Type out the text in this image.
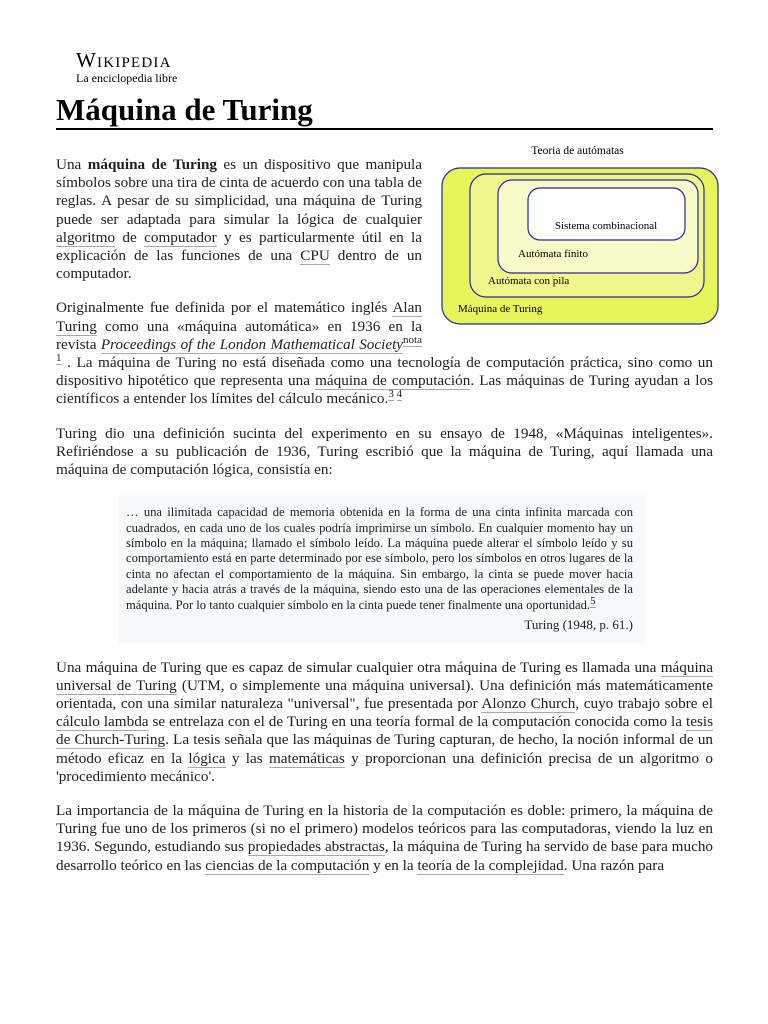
Wikipedia
La enciclopedia libre
Máquina de Turing
Teoria de autómatas
Sistema combinacional
Autómata finito
Autómata con pila
Máquina de Turing

Una máquina de Turing es un dispositivo que manipula símbolos sobre una tira de cinta de acuerdo con una tabla de reglas. A pesar de su simplicidad, una máquina de Turing puede ser adaptada para simular la lógica de cualquier algoritmo de computador y es particularmente útil en la explicación de las funciones de una CPU dentro de un computador.

Originalmente fue definida por el matemático inglés Alan Turing como una «máquina automática» en 1936 en la revista Proceedings of the London Mathematical Society$^{nota 1}$ . La máquina de Turing no está diseñada como una tecnología de computación práctica, sino como un dispositivo hipotético que representa una máquina de computación. Las máquinas de Turing ayudan a los científicos a entender los límites del cálculo mecánico.$^{3 4}$

Turing dio una definición sucinta del experimento en su ensayo de 1948, «Máquinas inteligentes». Refiriéndose a su publicación de 1936, Turing escribió que la máquina de Turing, aquí llamada una máquina de computación lógica, consistía en:

… una ilimitada capacidad de memoria obtenida en la forma de una cinta infinita marcada con cuadrados, en cada uno de los cuales podría imprimirse un símbolo. En cualquier momento hay un símbolo en la máquina; llamado el símbolo leído. La máquina puede alterar el símbolo leído y su comportamiento está en parte determinado por ese símbolo, pero los símbolos en otros lugares de la cinta no afectan el comportamiento de la máquina. Sin embargo, la cinta se puede mover hacia adelante y hacia atrás a través de la máquina, siendo esto una de las operaciones elementales de la máquina. Por lo tanto cualquier símbolo en la cinta puede tener finalmente una oportunidad.$^5$
Turing (1948, p. 61.)

Una máquina de Turing que es capaz de simular cualquier otra máquina de Turing es llamada una máquina universal de Turing (UTM, o simplemente una máquina universal). Una definición más matemáticamente orientada, con una similar naturaleza "universal", fue presentada por Alonzo Church, cuyo trabajo sobre el cálculo lambda se entrelaza con el de Turing en una teoría formal de la computación conocida como la tesis de Church-Turing. La tesis señala que las máquinas de Turing capturan, de hecho, la noción informal de un método eficaz en la lógica y las matemáticas y proporcionan una definición precisa de un algoritmo o 'procedimiento mecánico'.

La importancia de la máquina de Turing en la historia de la computación es doble: primero, la máquina de Turing fue uno de los primeros (si no el primero) modelos teóricos para las computadoras, viendo la luz en 1936. Segundo, estudiando sus propiedades abstractas, la máquina de Turing ha servido de base para mucho desarrollo teórico en las ciencias de la computación y en la teoría de la complejidad. Una razón para
